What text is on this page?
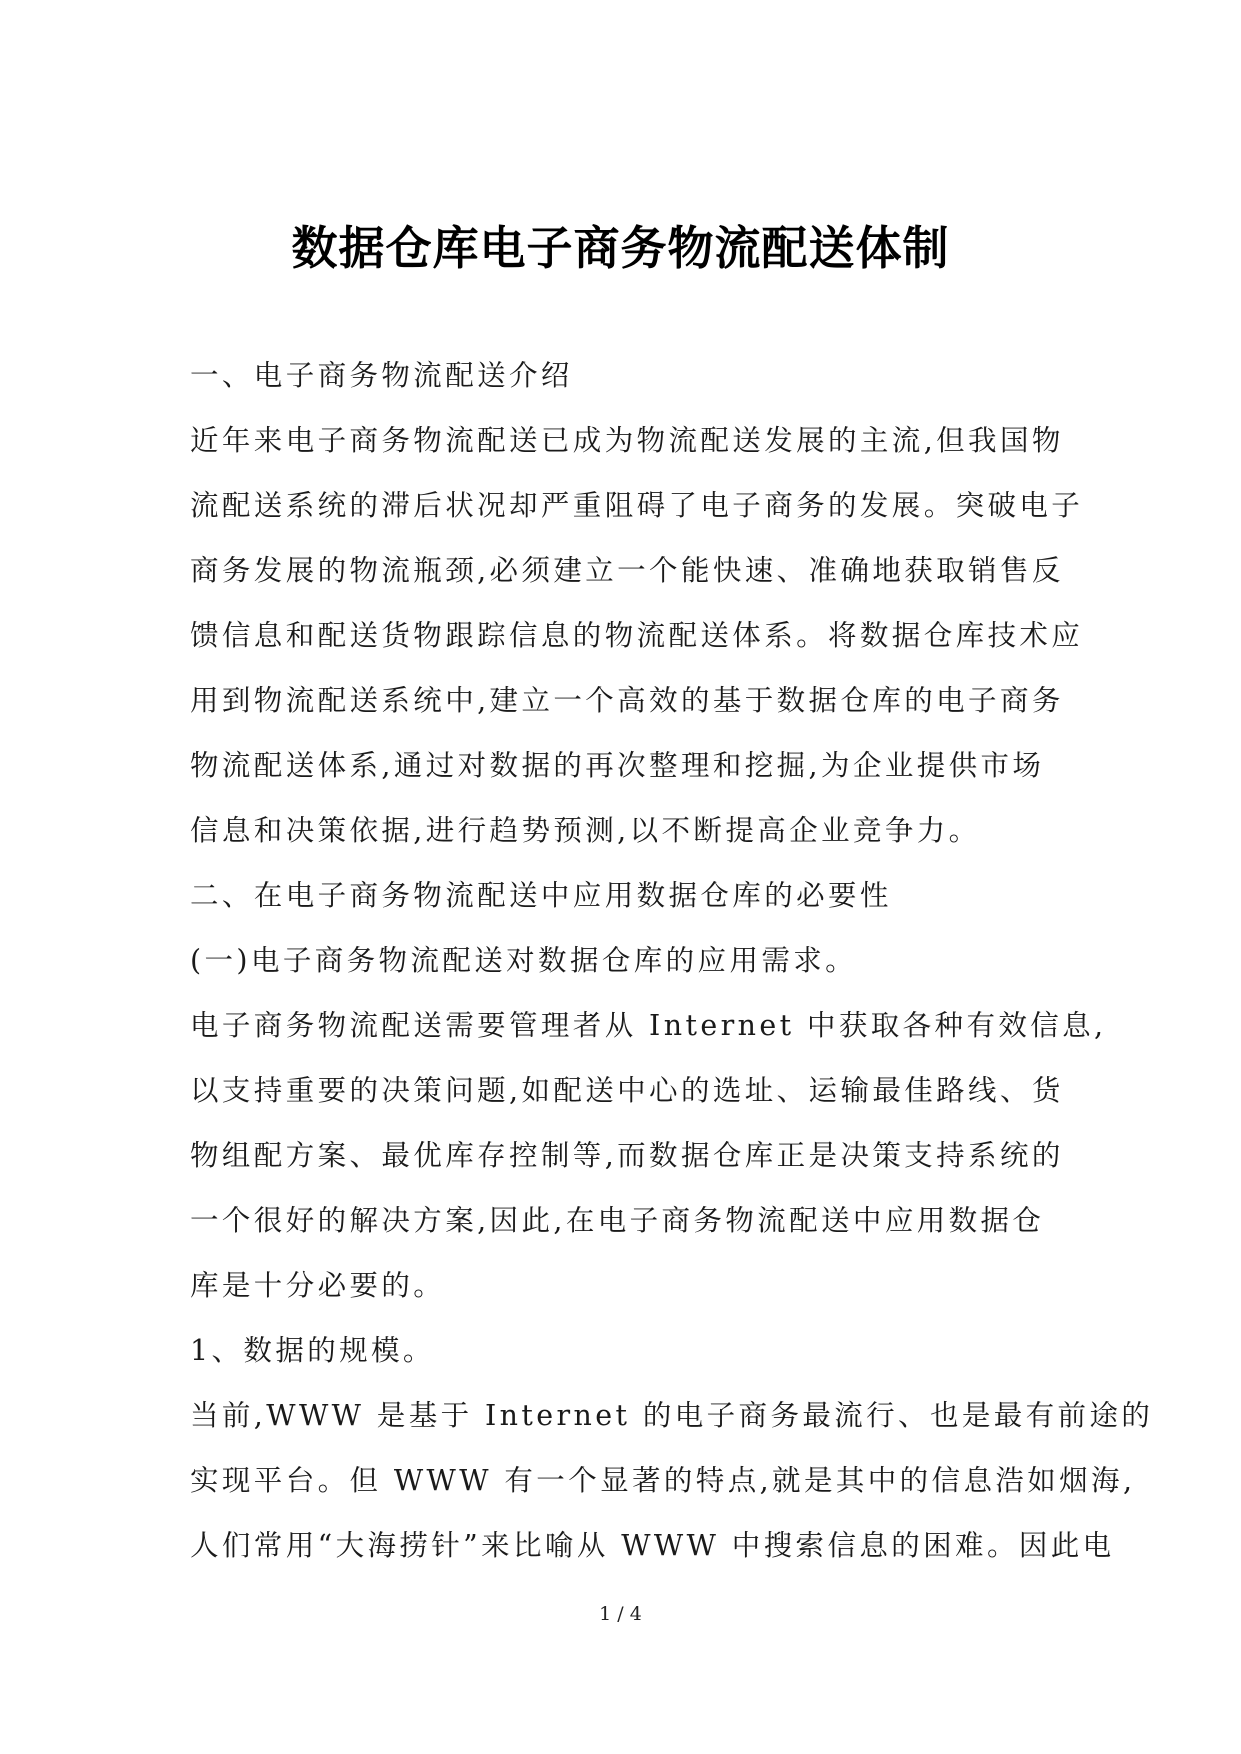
数据仓库电子商务物流配送体制
一、电子商务物流配送介绍
近年来电子商务物流配送已成为物流配送发展的主流,但我国物
流配送系统的滞后状况却严重阻碍了电子商务的发展。突破电子
商务发展的物流瓶颈,必须建立一个能快速、准确地获取销售反
馈信息和配送货物跟踪信息的物流配送体系。将数据仓库技术应
用到物流配送系统中,建立一个高效的基于数据仓库的电子商务
物流配送体系,通过对数据的再次整理和挖掘,为企业提供市场
信息和决策依据,进行趋势预测,以不断提高企业竞争力。
二、在电子商务物流配送中应用数据仓库的必要性
(一)电子商务物流配送对数据仓库的应用需求。
电子商务物流配送需要管理者从 Internet 中获取各种有效信息,
以支持重要的决策问题,如配送中心的选址、运输最佳路线、货
物组配方案、最优库存控制等,而数据仓库正是决策支持系统的
一个很好的解决方案,因此,在电子商务物流配送中应用数据仓
库是十分必要的。
1、数据的规模。
当前,WWW 是基于 Internet 的电子商务最流行、也是最有前途的
实现平台。但 WWW 有一个显著的特点,就是其中的信息浩如烟海,
人们常用“大海捞针”来比喻从 WWW 中搜索信息的困难。因此电
1 / 4
